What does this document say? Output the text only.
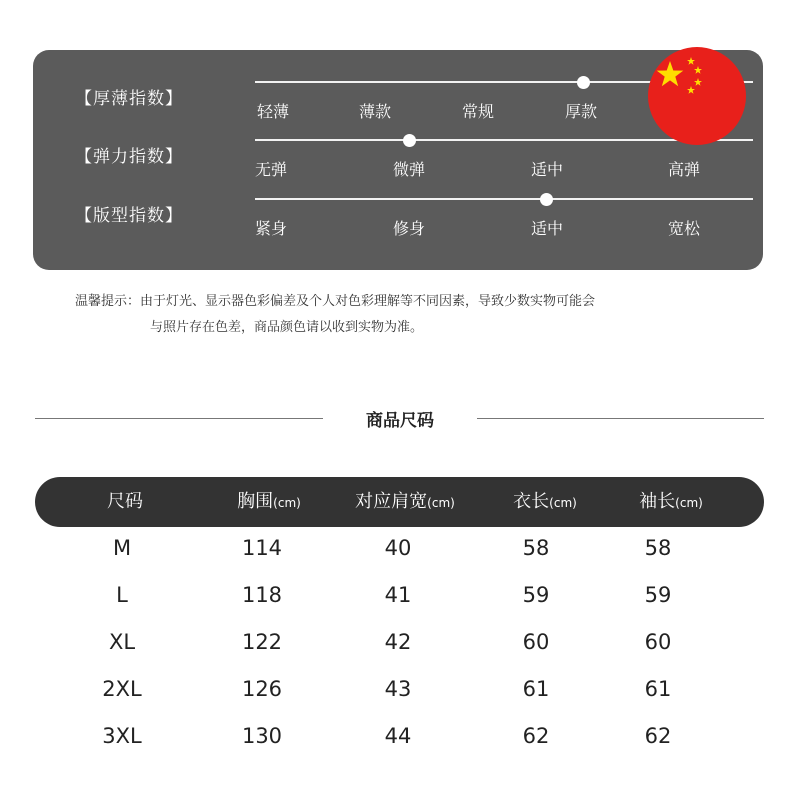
【厚薄指数】
轻薄	薄款	常规	厚款
【弹力指数】
无弹	微弹	适中	高弹
【版型指数】
紧身	修身	适中	宽松
温馨提示：由于灯光、显示器色彩偏差及个人对色彩理解等不同因素，导致少数实物可能会
与照片存在色差，商品颜色请以收到实物为准。
商品尺码
尺码	胸围(cm)	对应肩宽(cm)	衣长(cm)	袖长(cm)
M	114	40	58	58
L	118	41	59	59
XL	122	42	60	60
2XL	126	43	61	61
3XL	130	44	62	62
